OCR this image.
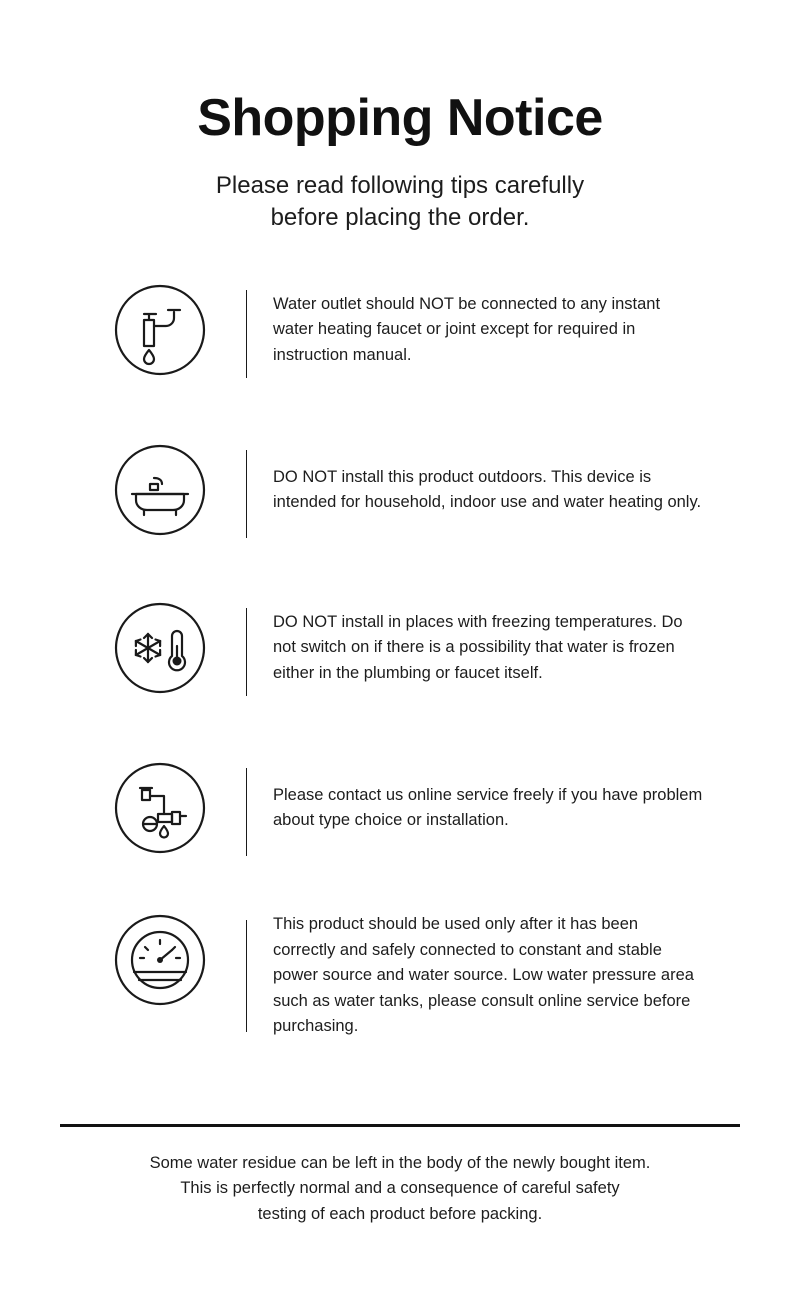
Shopping Notice

Please read following tips carefully
before placing the order.

Water outlet should NOT be connected to any instant water heating faucet or joint except for required in instruction manual.
DO NOT install this product outdoors. This device is intended for household, indoor use and water heating only.
DO NOT install in places with freezing temperatures. Do not switch on if there is a possibility that water is frozen either in the plumbing or faucet itself.
Please contact us online service freely if you have problem about type choice or installation.
This product should be used only after it has been correctly and safely connected to constant and stable power source and water source. Low water pressure area such as water tanks, please consult online service before purchasing.
Some water residue can be left in the body of the newly bought item.
This is perfectly normal and a consequence of careful safety
testing of each product before packing.
